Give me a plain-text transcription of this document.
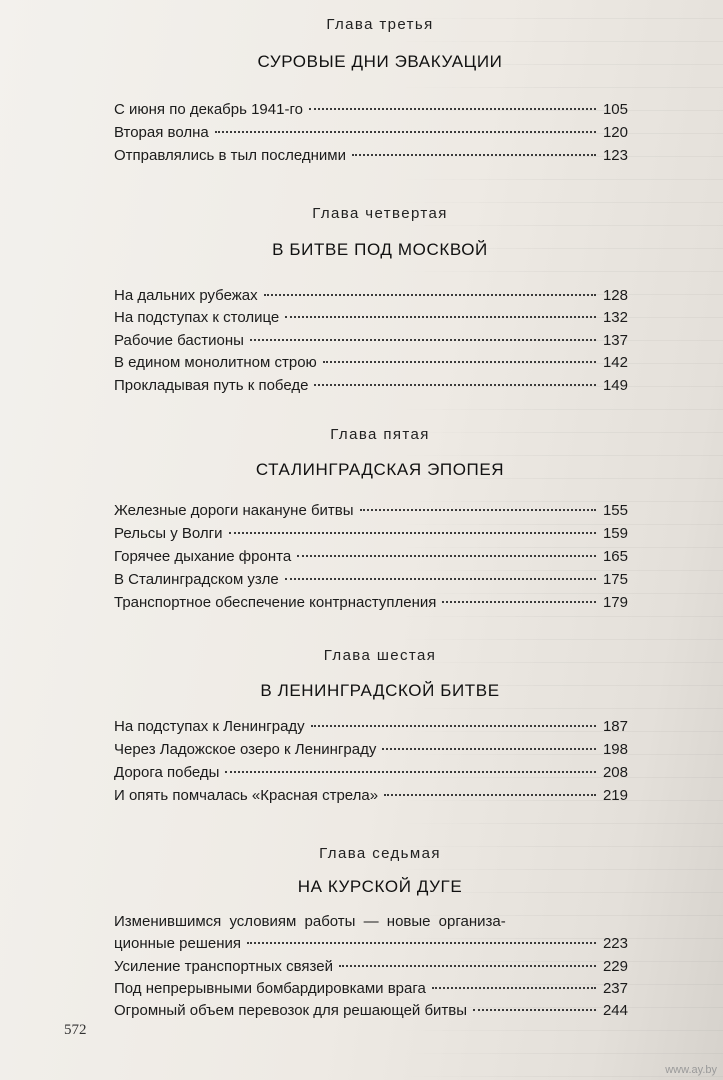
Глава третья
СУРОВЫЕ ДНИ ЭВАКУАЦИИ
С июня по декабрь 1941-го	105
Вторая волна	120
Отправлялись в тыл последними	123
Глава четвертая
В БИТВЕ ПОД МОСКВОЙ
На дальних рубежах	128
На подступах к столице	132
Рабочие бастионы	137
В едином монолитном строю	142
Прокладывая путь к победе	149
Глава пятая
СТАЛИНГРАДСКАЯ ЭПОПЕЯ
Железные дороги накануне битвы	155
Рельсы у Волги	159
Горячее дыхание фронта	165
В Сталинградском узле	175
Транспортное обеспечение контрнаступления	179
Глава шестая
В ЛЕНИНГРАДСКОЙ БИТВЕ
На подступах к Ленинграду	187
Через Ладожское озеро к Ленинграду	198
Дорога победы	208
И опять помчалась «Красная стрела»	219
Глава седьмая
НА КУРСКОЙ ДУГЕ
Изменившимся условиям работы — новые организа-
ционные решения	223
Усиление транспортных связей	229
Под непрерывными бомбардировками врага	237
Огромный объем перевозок для решающей битвы	244
572
www.ay.by
